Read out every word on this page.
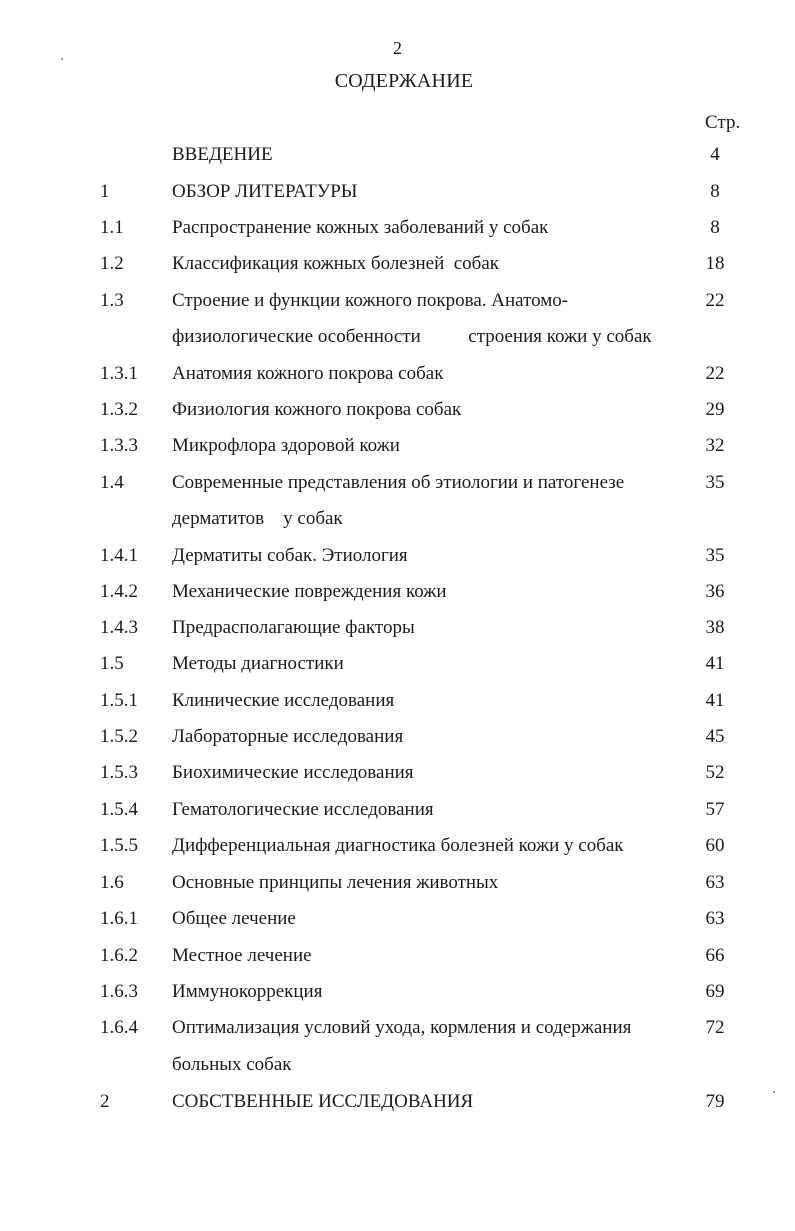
2
СОДЕРЖАНИЕ
Стр.
ВВЕДЕНИЕ	4
1	ОБЗОР ЛИТЕРАТУРЫ	8
1.1	Распространение кожных заболеваний у собак	8
1.2	Классификация кожных болезней  собак	18
1.3	Строение и функции кожного покрова. Анатомо-	22
физиологические особенности          строения кожи у собак
1.3.1 Анатомия кожного покрова собак	22
1.3.2 Физиология кожного покрова собак	29
1.3.3 Микрофлора здоровой кожи	32
1.4	Современные представления об этиологии и патогенезе	35
дерматитов    у собак
1.4.1 Дерматиты собак. Этиология	35
1.4.2 Механические повреждения кожи	36
1.4.3 Предрасполагающие факторы	38
1.5	Методы диагностики	41
1.5.1 Клинические исследования	41
1.5.2 Лабораторные исследования	45
1.5.3 Биохимические исследования	52
1.5.4 Гематологические исследования	57
1.5.5 Дифференциальная диагностика болезней кожи у собак	60
1.6	Основные принципы лечения животных	63
1.6.1 Общее лечение	63
1.6.2 Местное лечение	66
1.6.3 Иммунокоррекция	69
1.6.4 Оптимализация условий ухода, кормления и содержания	72
больных собак
2	СОБСТВЕННЫЕ ИССЛЕДОВАНИЯ	79
